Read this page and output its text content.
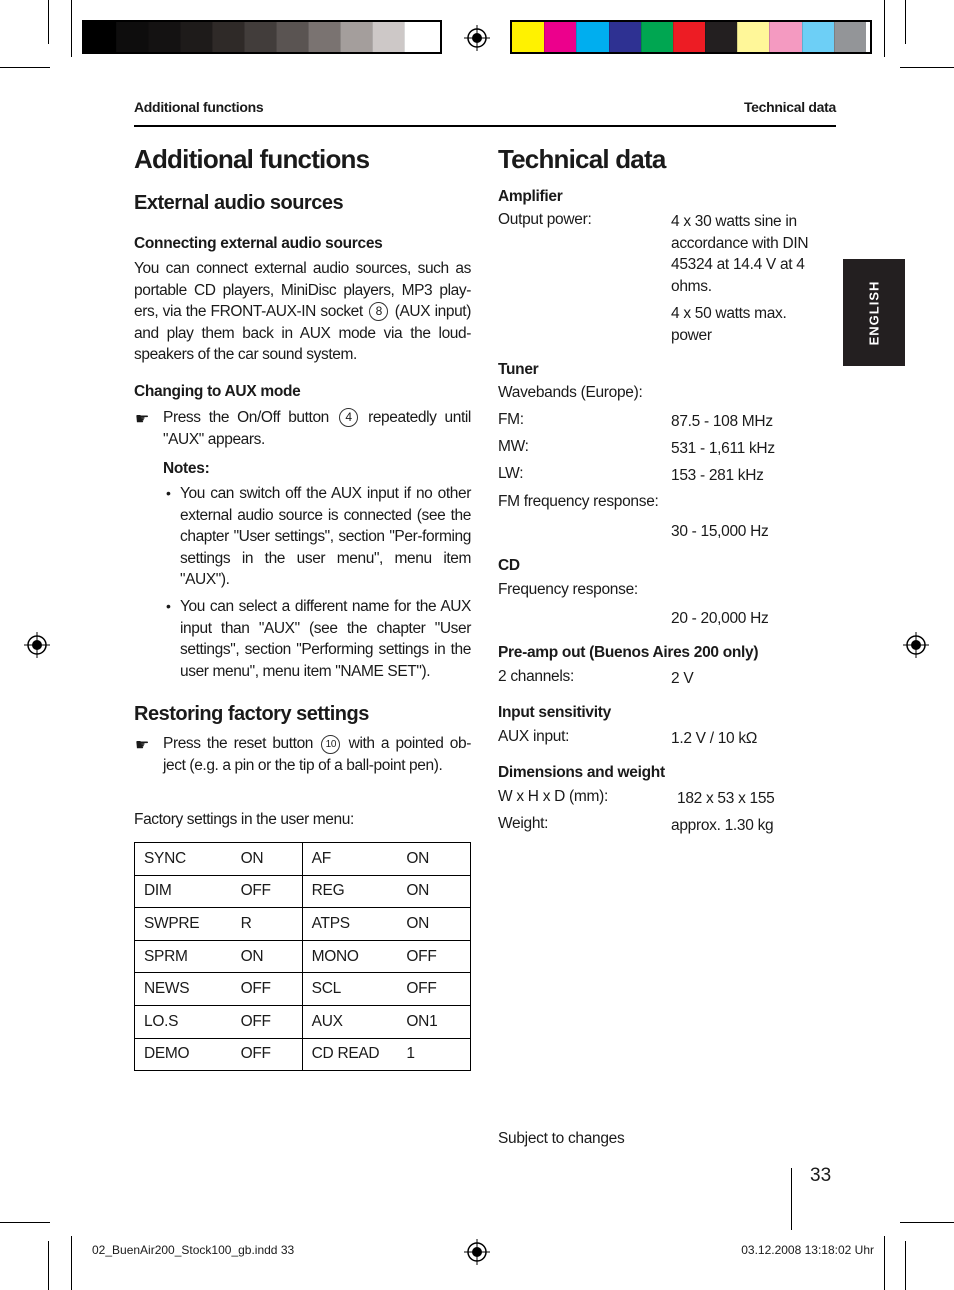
Additional functions	Technical data
Additional functions
External audio sources
Connecting external audio sources
You can connect external audio sources, such as portable CD players, MiniDisc players, MP3 play-ers, via the FRONT-AUX-IN socket 8 (AUX input) and play them back in AUX mode via the loud-speakers of the car sound system.
Changing to AUX mode
☛ Press the On/Off button 4 repeatedly until "AUX" appears.
Notes:
• You can switch off the AUX input if no other external audio source is connected (see the chapter "User settings", section "Per-forming settings in the user menu", menu item "AUX").
• You can select a different name for the AUX input than "AUX" (see the chapter "User settings", section "Performing settings in the user menu", menu item "NAME SET").
Restoring factory settings
☛ Press the reset button 10 with a pointed ob-ject (e.g. a pin or the tip of a ball-point pen).
Factory settings in the user menu:
SYNC	ON	AF	ON
DIM	OFF	REG	ON
SWPRE	R	ATPS	ON
SPRM	ON	MONO	OFF
NEWS	OFF	SCL	OFF
LO.S	OFF	AUX	ON1
DEMO	OFF	CD READ	1
Technical data
Amplifier
Output power:	4 x 30 watts sine in accordance with DIN 45324 at 14.4 V at 4 ohms.
4 x 50 watts max. power
Tuner
Wavebands (Europe):
FM:	87.5 - 108 MHz
MW:	531 - 1,611 kHz
LW:	153 - 281 kHz
FM frequency response:
30 - 15,000 Hz
CD
Frequency response:
20 - 20,000 Hz
Pre-amp out (Buenos Aires 200 only)
2 channels:	2 V
Input sensitivity
AUX input:	1.2 V / 10 kΩ
Dimensions and weight
W x H x D (mm):	182 x 53 x 155
Weight:	approx. 1.30 kg
Subject to changes
ENGLISH
33
02_BuenAir200_Stock100_gb.indd 33	03.12.2008 13:18:02 Uhr
